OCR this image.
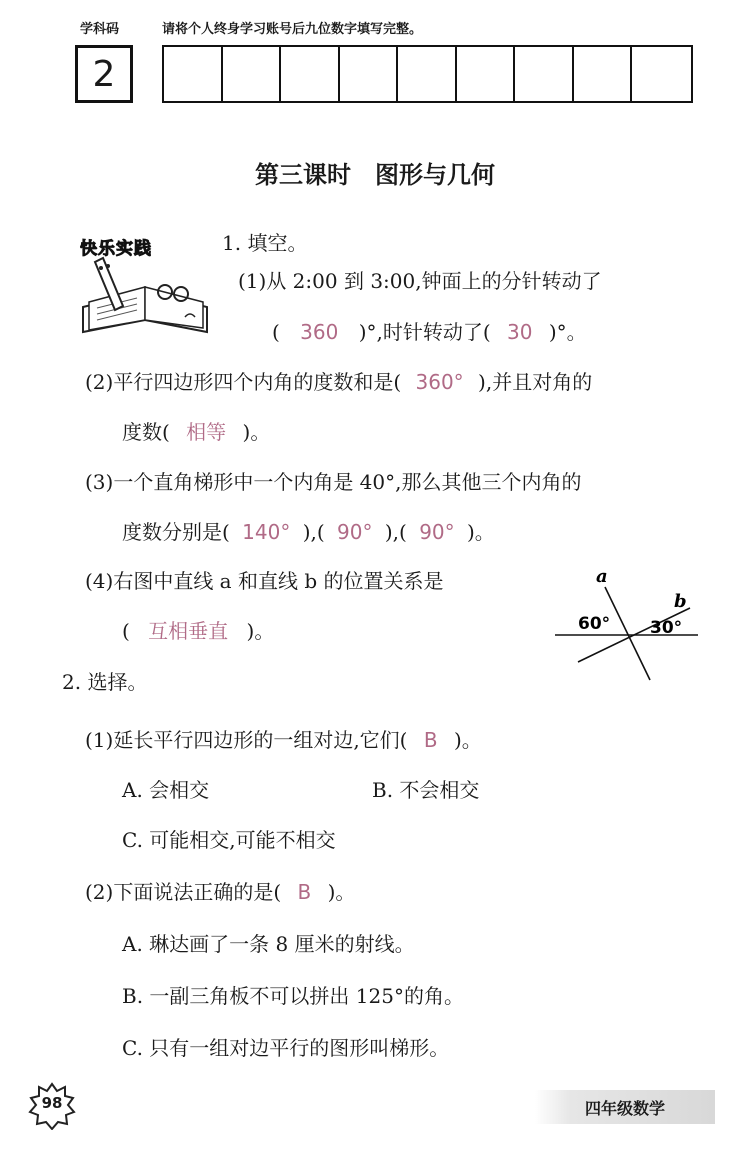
学科码	请将个人终身学习账号后九位数字填写完整。
2
第三课时　图形与几何
快乐实践	1. 填空。
(1)从 2:00 到 3:00,钟面上的分针转动了
( 360 )°,时针转动了( 30 )°。
(2)平行四边形四个内角的度数和是( 360° ),并且对角的
度数( 相等 )。
(3)一个直角梯形中一个内角是 40°,那么其他三个内角的
度数分别是( 140° ),( 90° ),( 90° )。
(4)右图中直线 a 和直线 b 的位置关系是
( 互相垂直 )。
a
b
60° 30°
2. 选择。
(1)延长平行四边形的一组对边,它们( B )。
A. 会相交	B. 不会相交
C. 可能相交,可能不相交
(2)下面说法正确的是( B )。
A. 琳达画了一条 8 厘米的射线。
B. 一副三角板不可以拼出 125°的角。
C. 只有一组对边平行的图形叫梯形。
98	四年级数学
